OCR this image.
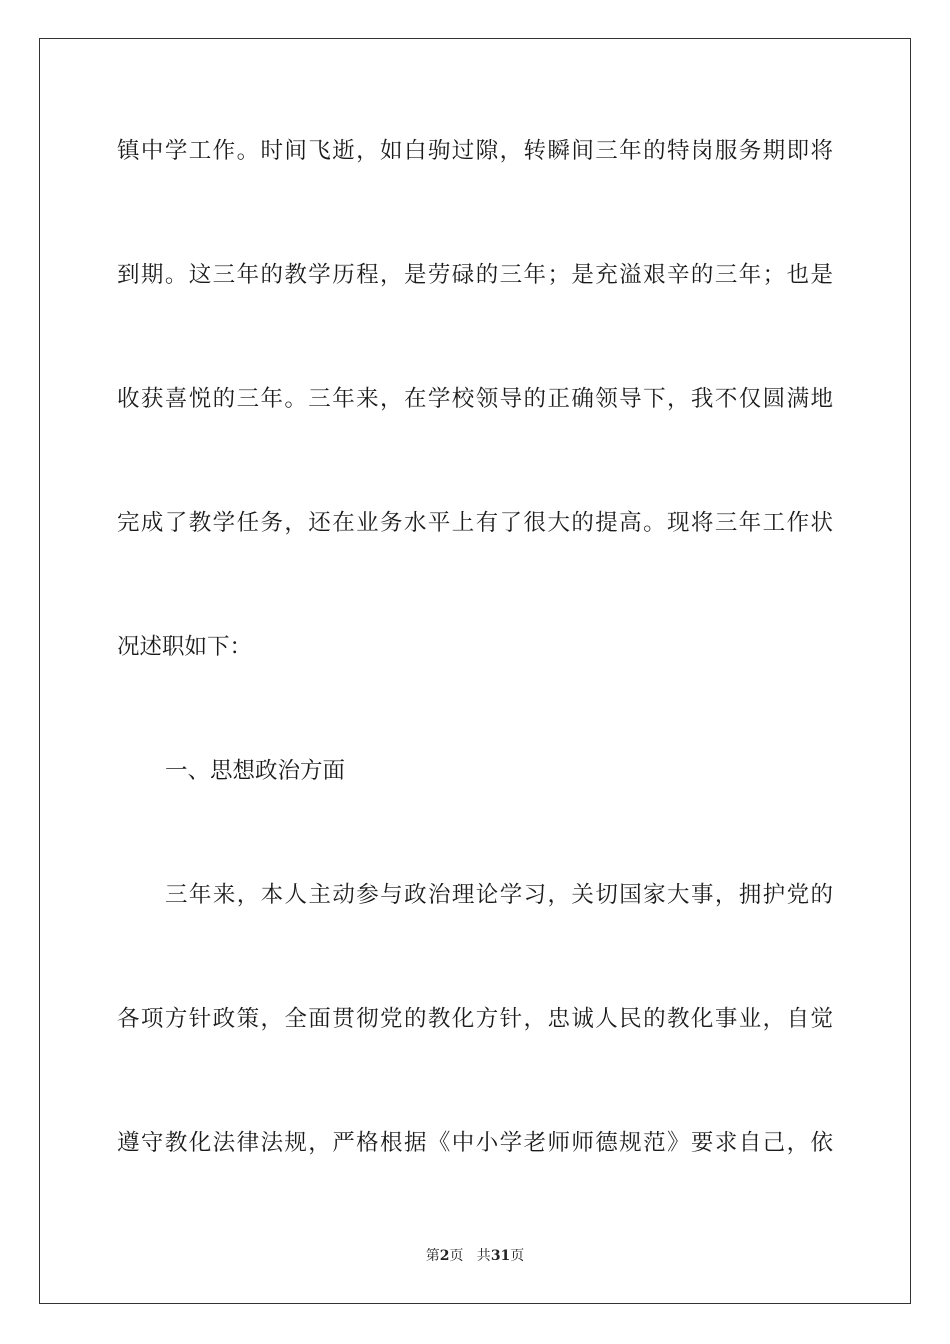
镇中学工作。时间飞逝，如白驹过隙，转瞬间三年的特岗服务期即将
到期。这三年的教学历程，是劳碌的三年；是充溢艰辛的三年；也是
收获喜悦的三年。三年来，在学校领导的正确领导下，我不仅圆满地
完成了教学任务，还在业务水平上有了很大的提高。现将三年工作状
况述职如下：
一、思想政治方面
三年来，本人主动参与政治理论学习，关切国家大事，拥护党的
各项方针政策，全面贯彻党的教化方针，忠诚人民的教化事业，自觉
遵守教化法律法规，严格根据《中小学老师师德规范》要求自己，依
第2页   共31页
